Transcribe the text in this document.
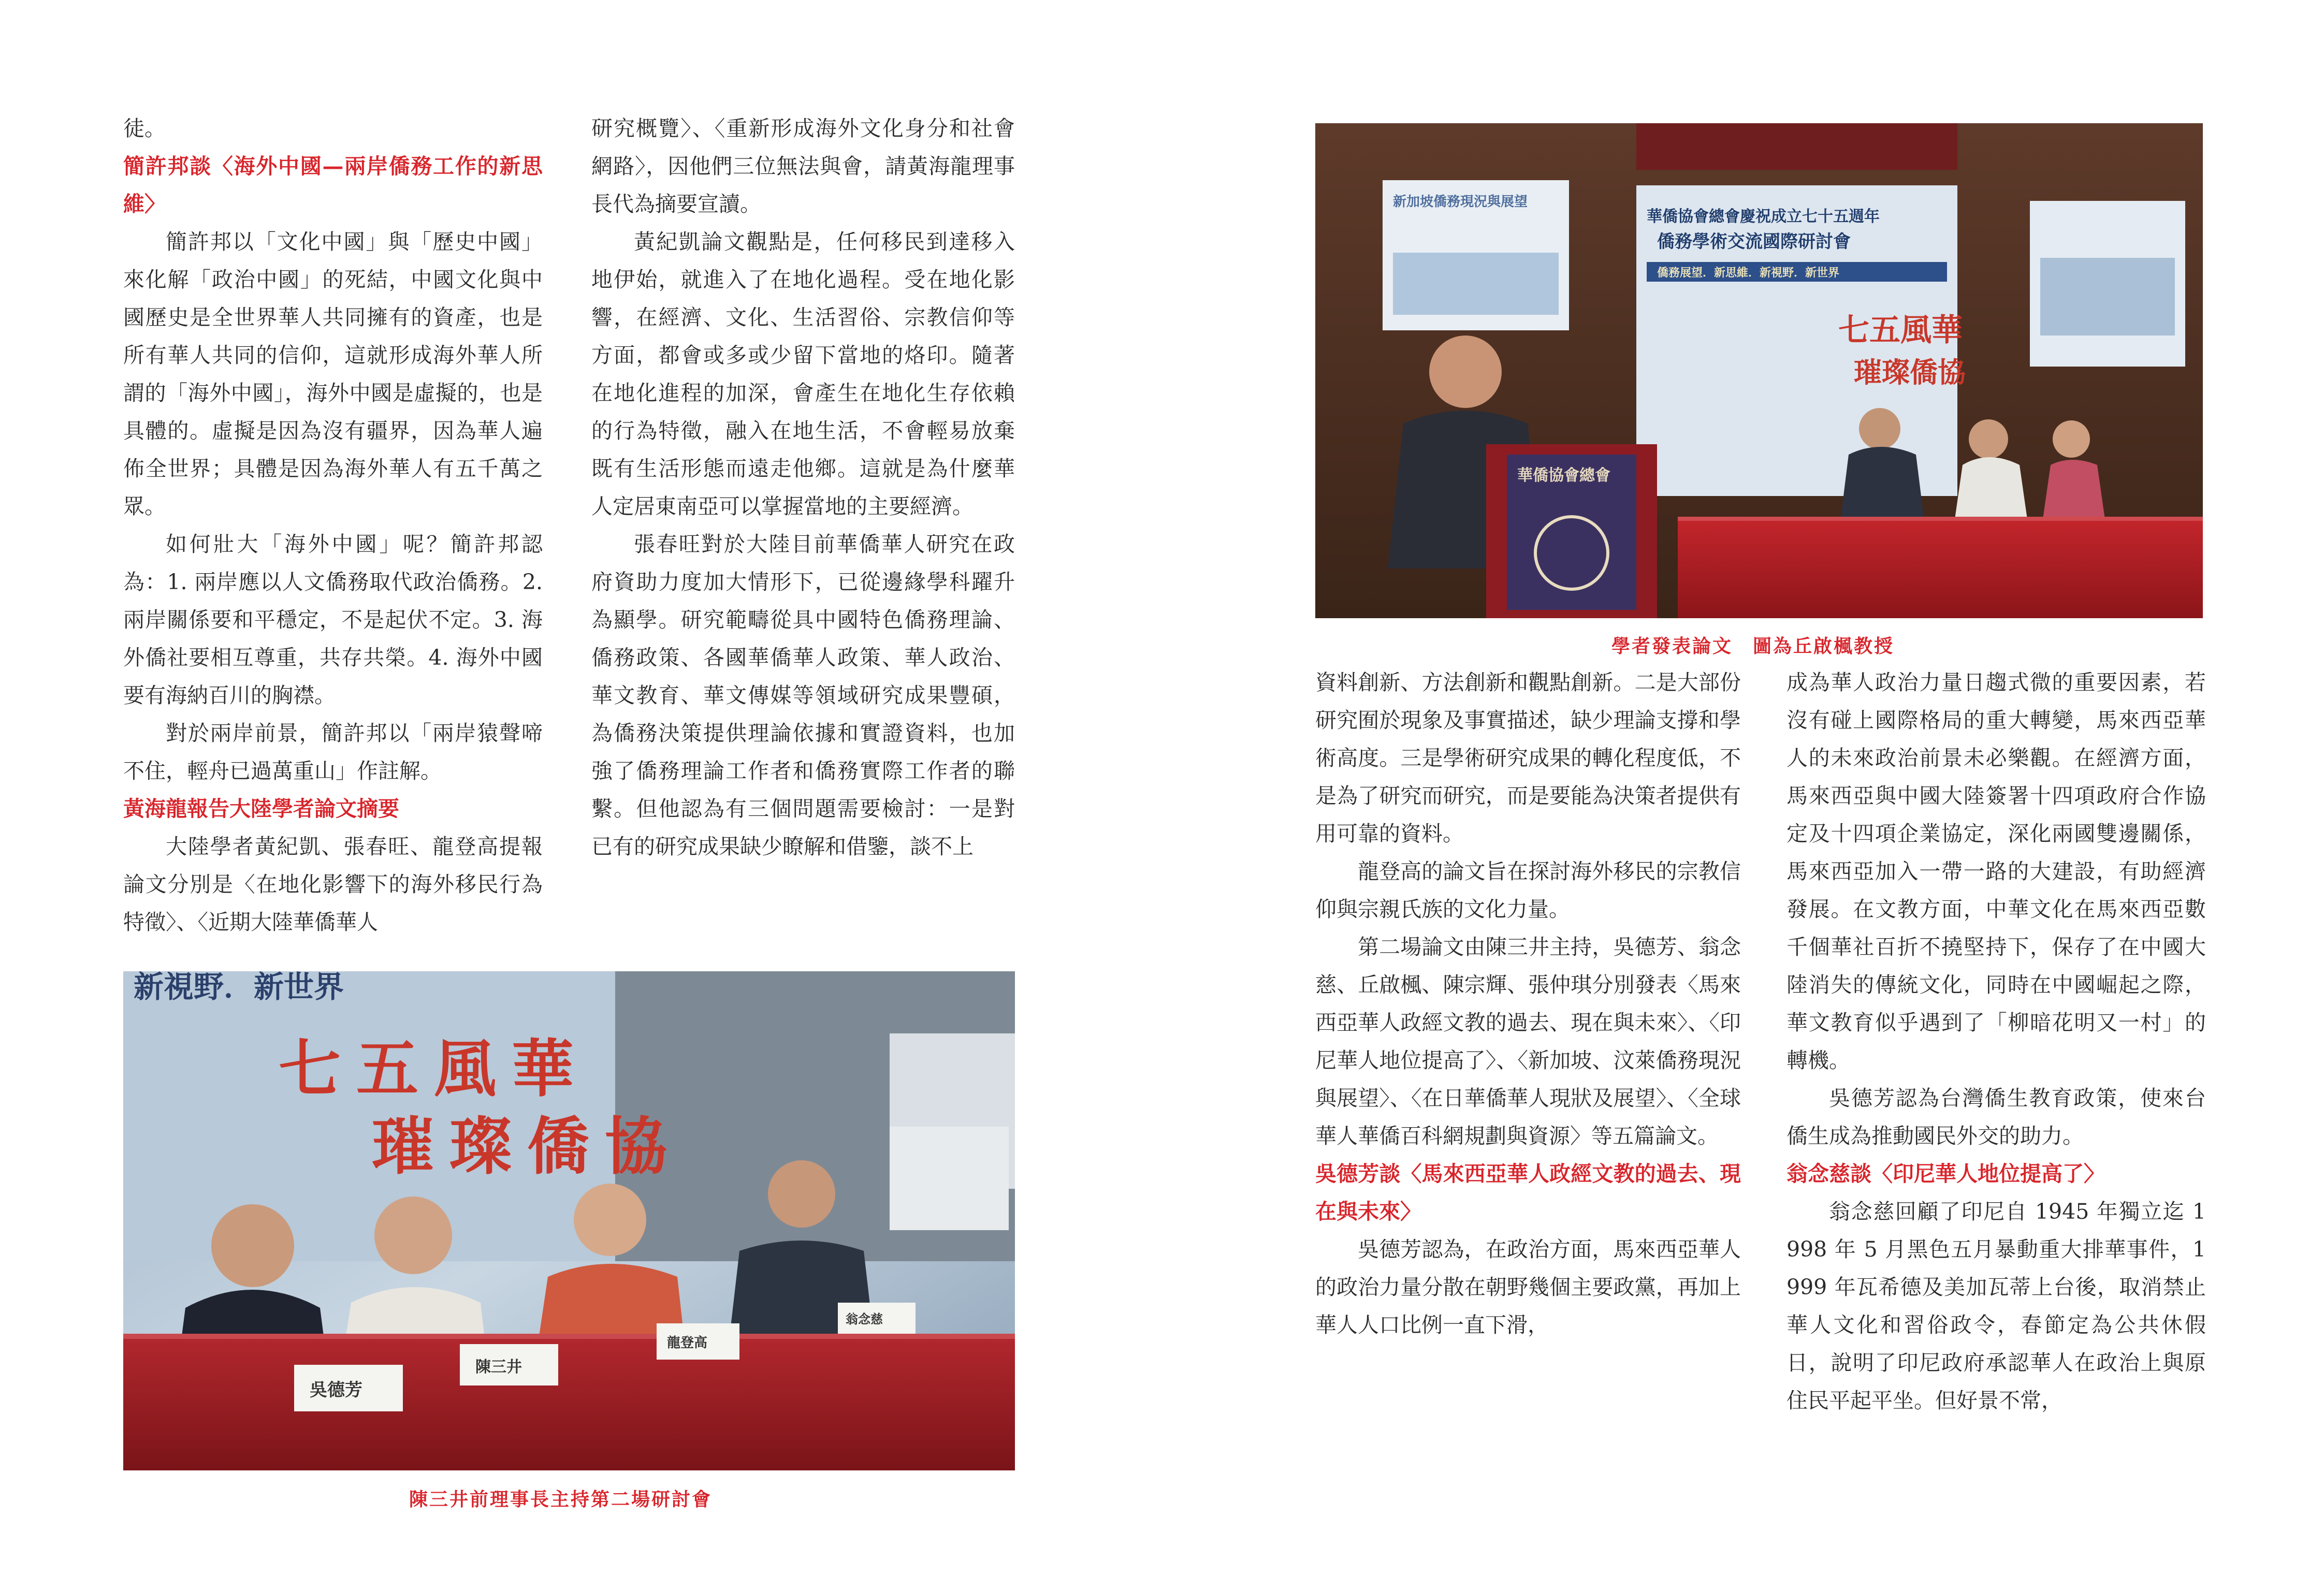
徒。

簡許邦談〈海外中國—兩岸僑務工作的新思維〉

簡許邦以「文化中國」與「歷史中國」來化解「政治中國」的死結，中國文化與中國歷史是全世界華人共同擁有的資產，也是所有華人共同的信仰，這就形成海外華人所謂的「海外中國」，海外中國是虛擬的，也是具體的。虛擬是因為沒有疆界，因為華人遍佈全世界；具體是因為海外華人有五千萬之眾。

如何壯大「海外中國」呢？簡許邦認為：1. 兩岸應以人文僑務取代政治僑務。2. 兩岸關係要和平穩定，不是起伏不定。3. 海外僑社要相互尊重，共存共榮。4. 海外中國要有海納百川的胸襟。

對於兩岸前景，簡許邦以「兩岸猿聲啼不住，輕舟已過萬重山」作註解。

黃海龍報告大陸學者論文摘要

大陸學者黃紀凱、張春旺、龍登高提報論文分別是〈在地化影響下的海外移民行為特徵〉、〈近期大陸華僑華人

研究概覽〉、〈重新形成海外文化身分和社會網路〉，因他們三位無法與會，請黃海龍理事長代為摘要宣讀。

黃紀凱論文觀點是，任何移民到達移入地伊始，就進入了在地化過程。受在地化影響，在經濟、文化、生活習俗、宗教信仰等方面，都會或多或少留下當地的烙印。隨著在地化進程的加深，會產生在地化生存依賴的行為特徵，融入在地生活，不會輕易放棄既有生活形態而遠走他鄉。這就是為什麼華人定居東南亞可以掌握當地的主要經濟。

張春旺對於大陸目前華僑華人研究在政府資助力度加大情形下，已從邊緣學科躍升為顯學。研究範疇從具中國特色僑務理論、僑務政策、各國華僑華人政策、華人政治、華文教育、華文傳媒等領域研究成果豐碩，為僑務決策提供理論依據和實證資料，也加強了僑務理論工作者和僑務實際工作者的聯繫。但他認為有三個問題需要檢討：一是對已有的研究成果缺少瞭解和借鑒，談不上

新視野．新世界
七五風華
璀璨僑協
吳德芳
陳三井
龍登高
翁念慈
陳三井前理事長主持第二場研討會
新加坡僑務現況與展望
華僑協會總會慶祝成立七十五週年
僑務學術交流國際研討會
僑務展望．新思維．新視野．新世界
七五風華
璀璨僑協
華僑協會總會
學者發表論文　圖為丘啟楓教授

資料創新、方法創新和觀點創新。二是大部份研究囿於現象及事實描述，缺少理論支撐和學術高度。三是學術研究成果的轉化程度低，不是為了研究而研究，而是要能為決策者提供有用可靠的資料。

龍登高的論文旨在探討海外移民的宗教信仰與宗親氏族的文化力量。

第二場論文由陳三井主持，吳德芳、翁念慈、丘啟楓、陳宗輝、張仲琪分別發表〈馬來西亞華人政經文教的過去、現在與未來〉、〈印尼華人地位提高了〉、〈新加坡、汶萊僑務現況與展望〉、〈在日華僑華人現狀及展望〉、〈全球華人華僑百科網規劃與資源〉等五篇論文。

吳德芳談〈馬來西亞華人政經文教的過去、現在與未來〉

吳德芳認為，在政治方面，馬來西亞華人的政治力量分散在朝野幾個主要政黨，再加上華人人口比例一直下滑，

成為華人政治力量日趨式微的重要因素，若沒有碰上國際格局的重大轉變，馬來西亞華人的未來政治前景未必樂觀。在經濟方面，馬來西亞與中國大陸簽署十四項政府合作協定及十四項企業協定，深化兩國雙邊關係，馬來西亞加入一帶一路的大建設，有助經濟發展。在文教方面，中華文化在馬來西亞數千個華社百折不撓堅持下，保存了在中國大陸消失的傳統文化，同時在中國崛起之際，華文教育似乎遇到了「柳暗花明又一村」的轉機。

吳德芳認為台灣僑生教育政策，使來台僑生成為推動國民外交的助力。

翁念慈談〈印尼華人地位提高了〉

翁念慈回顧了印尼自 1945 年獨立迄 1998 年 5 月黑色五月暴動重大排華事件，1999 年瓦希德及美加瓦蒂上台後，取消禁止華人文化和習俗政令，春節定為公共休假日，說明了印尼政府承認華人在政治上與原住民平起平坐。但好景不常，
